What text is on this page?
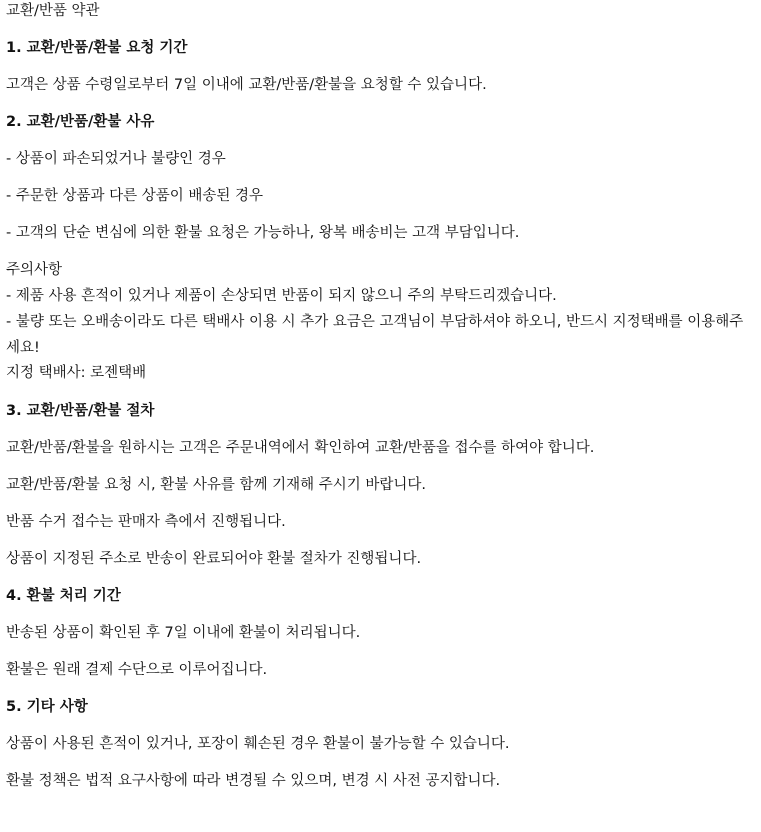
교환/반품 약관
1. 교환/반품/환불 요청 기간
고객은 상품 수령일로부터 7일 이내에 교환/반품/환불을 요청할 수 있습니다.
2. 교환/반품/환불 사유
- 상품이 파손되었거나 불량인 경우
- 주문한 상품과 다른 상품이 배송된 경우
- 고객의 단순 변심에 의한 환불 요청은 가능하나, 왕복 배송비는 고객 부담입니다.
주의사항
- 제품 사용 흔적이 있거나 제품이 손상되면 반품이 되지 않으니 주의 부탁드리겠습니다.
- 불량 또는 오배송이라도 다른 택배사 이용 시 추가 요금은 고객님이 부담하셔야 하오니, 반드시 지정택배를 이용해주세요!
지정 택배사: 로젠택배
3. 교환/반품/환불 절차
교환/반품/환불을 원하시는 고객은 주문내역에서 확인하여 교환/반품을 접수를 하여야 합니다.
교환/반품/환불 요청 시, 환불 사유를 함께 기재해 주시기 바랍니다.
반품 수거 접수는 판매자 측에서 진행됩니다.
상품이 지정된 주소로 반송이 완료되어야 환불 절차가 진행됩니다.
4. 환불 처리 기간
반송된 상품이 확인된 후 7일 이내에 환불이 처리됩니다.
환불은 원래 결제 수단으로 이루어집니다.
5. 기타 사항
상품이 사용된 흔적이 있거나, 포장이 훼손된 경우 환불이 불가능할 수 있습니다.
환불 정책은 법적 요구사항에 따라 변경될 수 있으며, 변경 시 사전 공지합니다.
